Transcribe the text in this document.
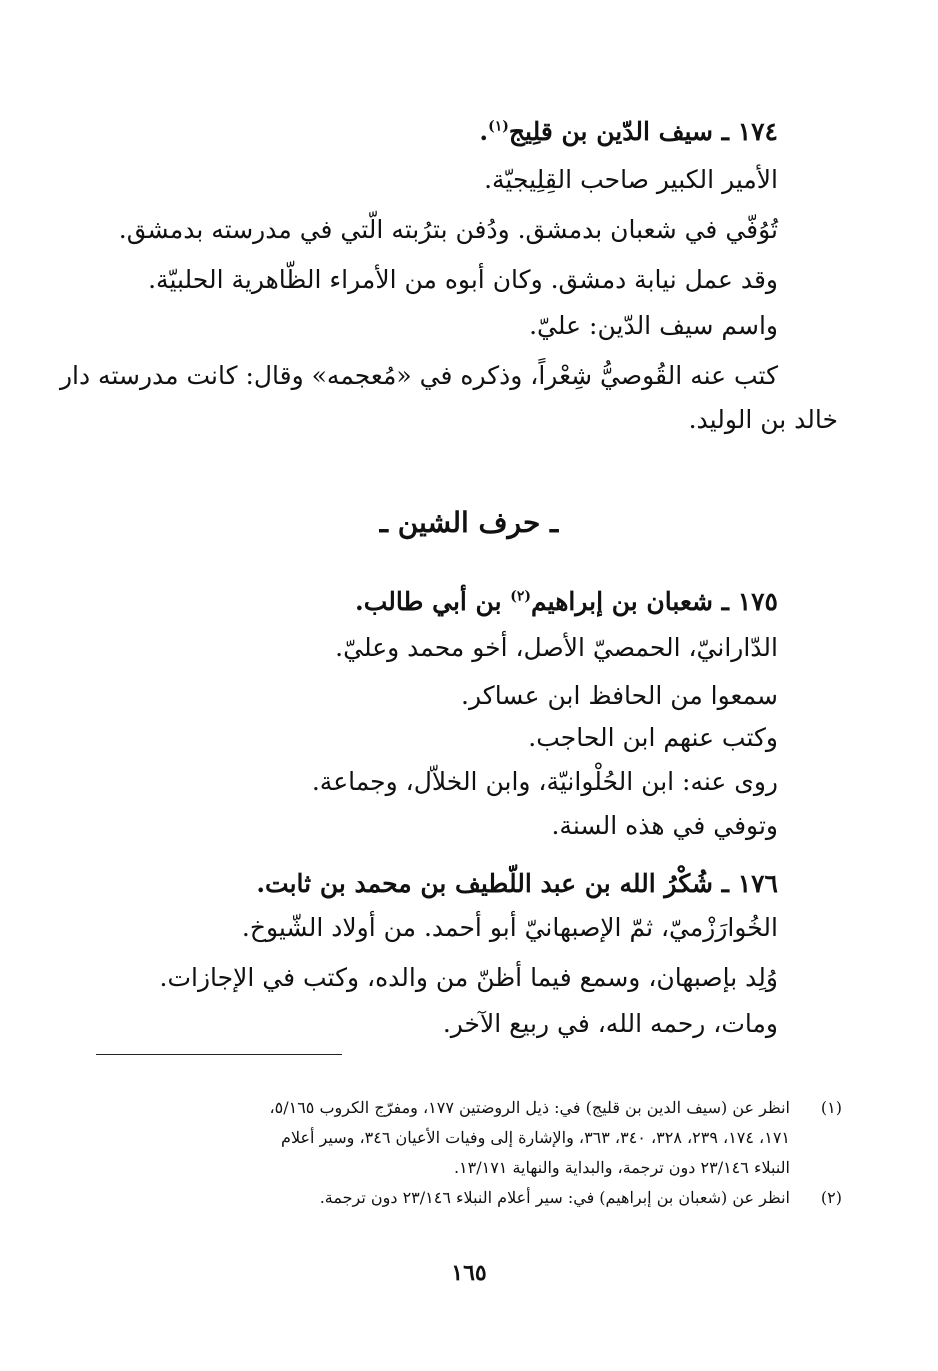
١٧٤ ـ سيف الدّين بن قلِيج$^{(١)}$.
الأمير الكبير صاحب القِلِيجيّة.
تُوُفّي في شعبان بدمشق. ودُفن بترُبته الّتي في مدرسته بدمشق.
وقد عمل نيابة دمشق. وكان أبوه من الأمراء الظّاهرية الحلبيّة.
واسم سيف الدّين: عليّ.
كتب عنه القُوصيُّ شِعْراً، وذكره في «مُعجمه» وقال: كانت مدرسته دار
خالد بن الوليد.
ـ حرف الشين ـ
١٧٥ ـ شعبان بن إبراهيم$^{(٢)}$ بن أبي طالب.
الدّارانيّ، الحمصيّ الأصل، أخو محمد وعليّ.
سمعوا من الحافظ ابن عساكر.
وكتب عنهم ابن الحاجب.
روى عنه: ابن الحُلْوانيّة، وابن الخلاّل، وجماعة.
وتوفي في هذه السنة.
١٧٦ ـ شُكْرُ الله بن عبد اللّطيف بن محمد بن ثابت.
الخُوارَزْميّ، ثمّ الإصبهانيّ أبو أحمد. من أولاد الشّيوخ.
وُلِد بإصبهان، وسمع فيما أظنّ من والده، وكتب في الإجازات.
ومات، رحمه الله، في ربيع الآخر.
(١)انظر عن (سيف الدين بن قليج) في: ذيل الروضتين ١٧٧، ومفرّج الكروب ٥/١٦٥،
١٧١، ١٧٤، ٢٣٩، ٣٢٨، ٣٤٠، ٣٦٣، والإشارة إلى وفيات الأعيان ٣٤٦، وسير أعلام
النبلاء ٢٣/١٤٦ دون ترجمة، والبداية والنهاية ١٣/١٧١.
(٢)انظر عن (شعبان بن إبراهيم) في: سير أعلام النبلاء ٢٣/١٤٦ دون ترجمة.
١٦٥
